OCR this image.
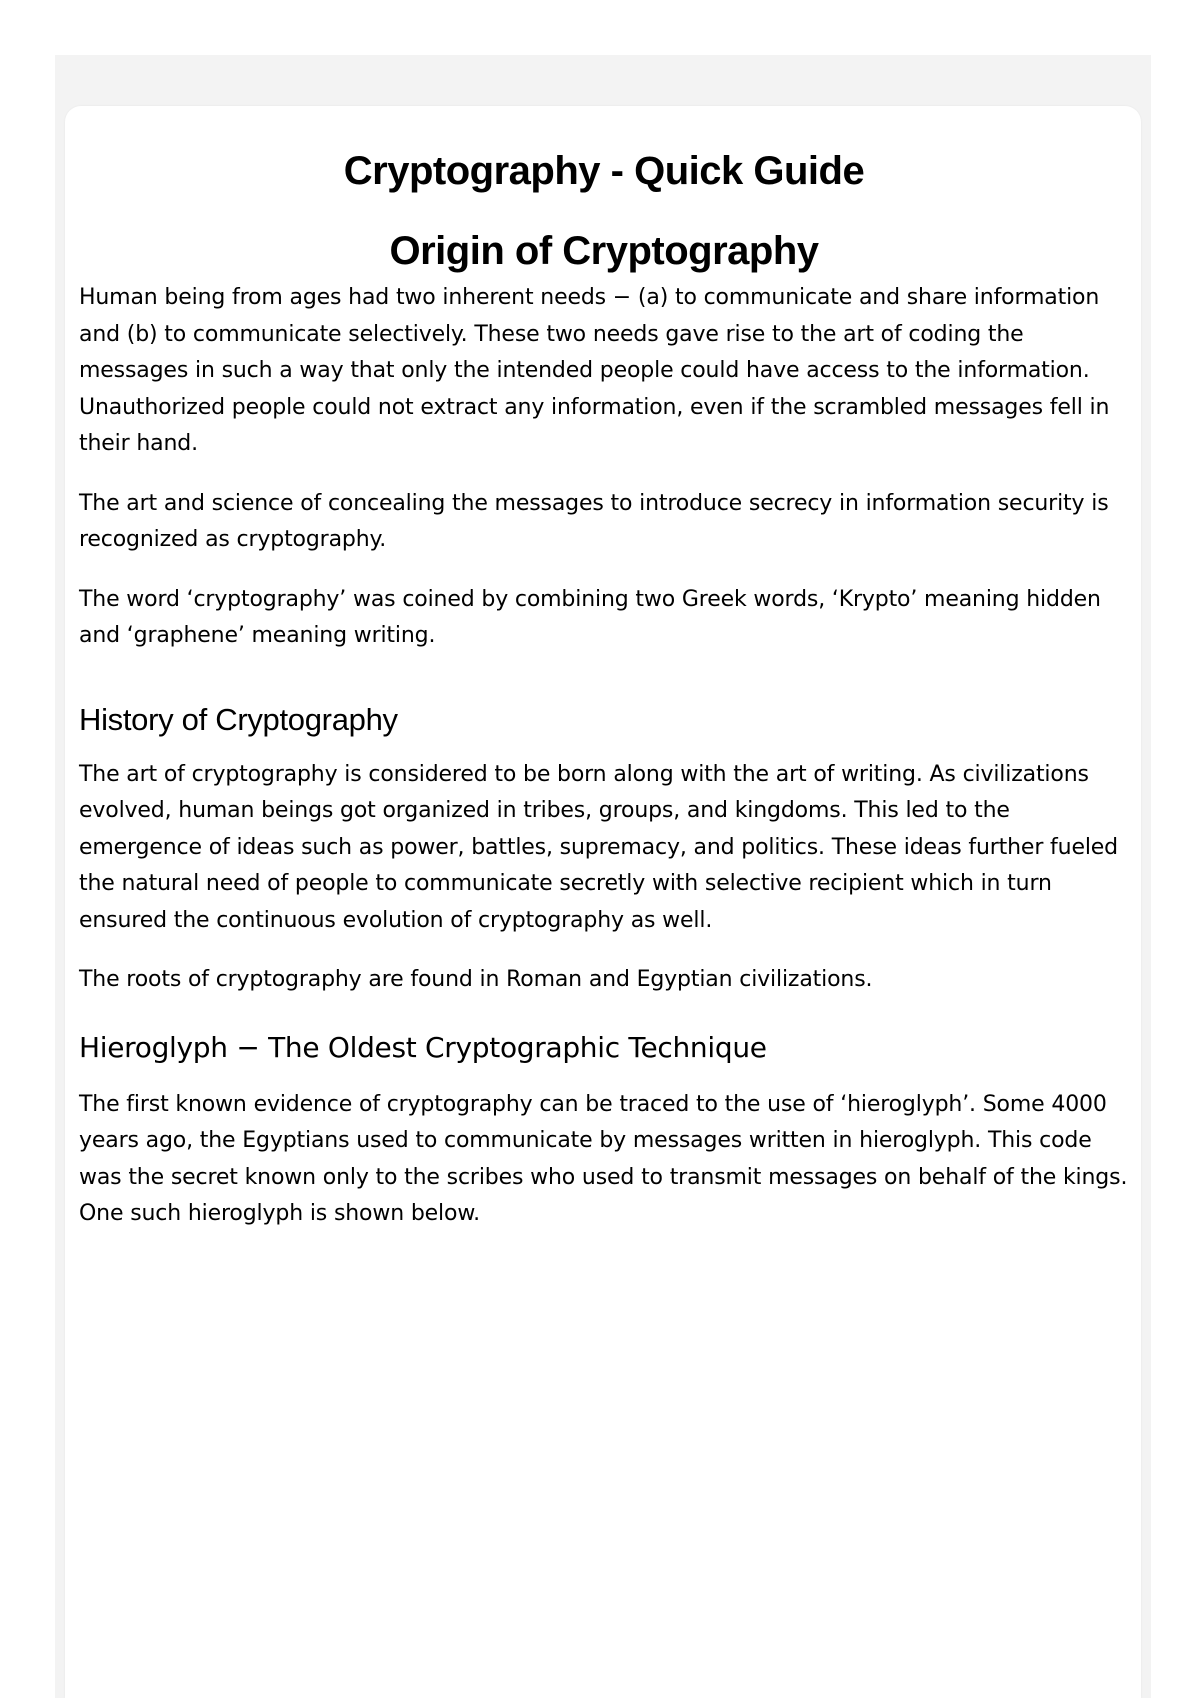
Cryptography - Quick Guide
Origin of Cryptography

Human being from ages had two inherent needs − (a) to communicate and share information and (b) to communicate selectively. These two needs gave rise to the art of coding the messages in such a way that only the intended people could have access to the information. Unauthorized people could not extract any information, even if the scrambled messages fell in their hand.

The art and science of concealing the messages to introduce secrecy in information security is recognized as cryptography.

The word ‘cryptography’ was coined by combining two Greek words, ‘Krypto’ meaning hidden and ‘graphene’ meaning writing.

History of Cryptography

The art of cryptography is considered to be born along with the art of writing. As civilizations evolved, human beings got organized in tribes, groups, and kingdoms. This led to the emergence of ideas such as power, battles, supremacy, and politics. These ideas further fueled the natural need of people to communicate secretly with selective recipient which in turn ensured the continuous evolution of cryptography as well.

The roots of cryptography are found in Roman and Egyptian civilizations.

Hieroglyph − The Oldest Cryptographic Technique

The first known evidence of cryptography can be traced to the use of ‘hieroglyph’. Some 4000 years ago, the Egyptians used to communicate by messages written in hieroglyph. This code was the secret known only to the scribes who used to transmit messages on behalf of the kings. One such hieroglyph is shown below.
